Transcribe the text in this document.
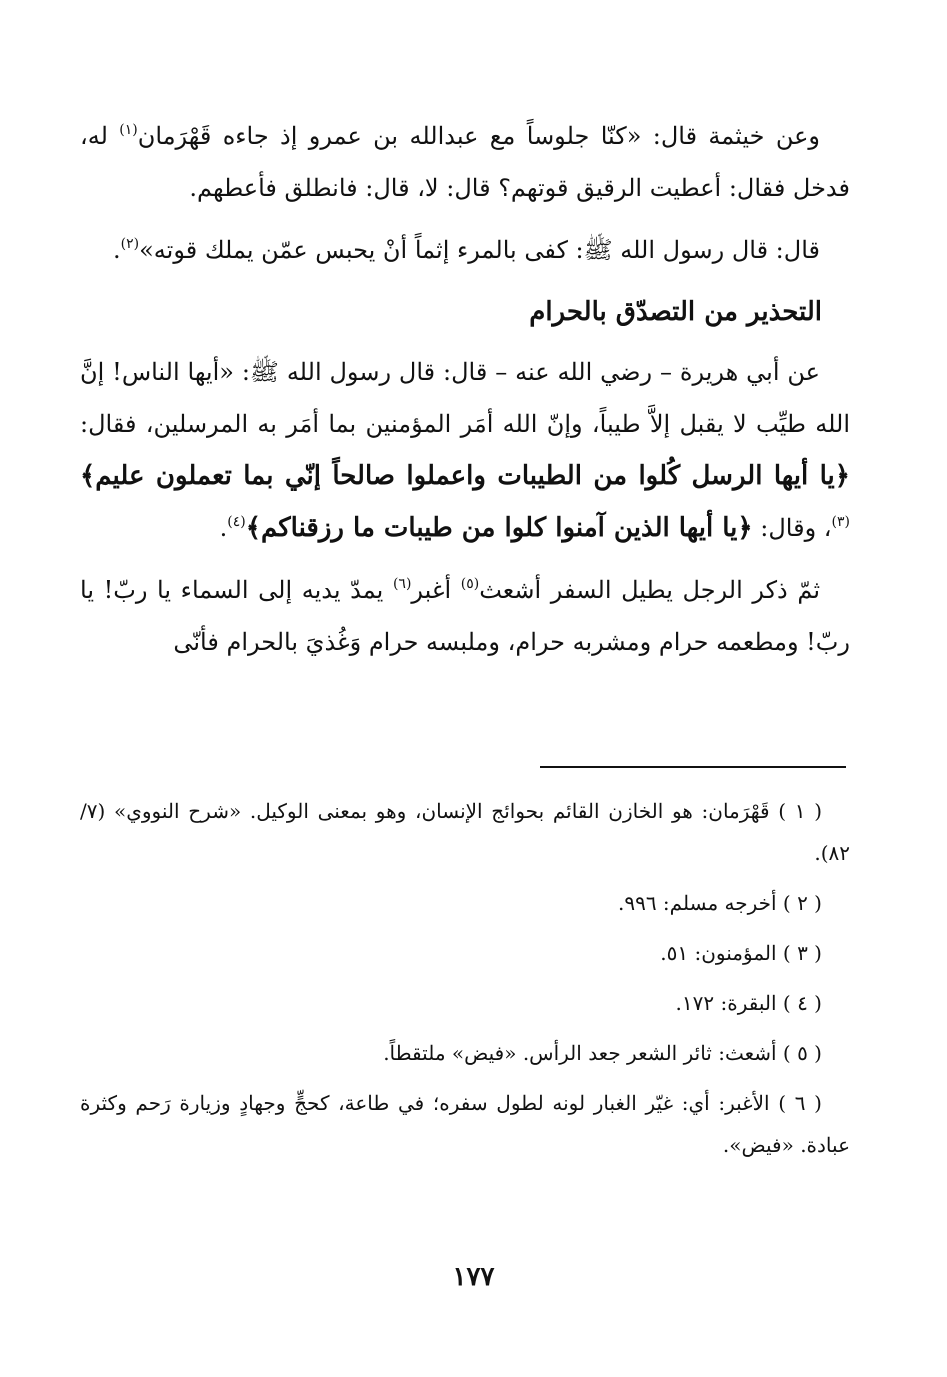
وعن خيثمة قال: «كنّا جلوساً مع عبدالله بن عمرو إذ جاءه قَهْرَمان$^{(١)}$ له، فدخل فقال: أعطيت الرقيق قوتهم؟ قال: لا، قال: فانطلق فأعطهم.

قال: قال رسول الله ﷺ: كفى بالمرء إثماً أنْ يحبس عمّن يملك قوته»$^{(٢)}$.

التحذير من التصدّق بالحرام

عن أبي هريرة – رضي الله عنه – قال: قال رسول الله ﷺ: «أيها الناس! إنَّ الله طيِّب لا يقبل إلاَّ طيباً، وإنّ الله أمَر المؤمنين بما أمَر به المرسلين، فقال: ﴿يا أيها الرسل كُلوا من الطيبات واعملوا صالحاً إنّي بما تعملون عليم﴾$^{(٣)}$، وقال: ﴿يا أيها الذين آمنوا كلوا من طيبات ما رزقناكم﴾$^{(٤)}$.

ثمّ ذكر الرجل يطيل السفر أشعث$^{(٥)}$ أغبر$^{(٦)}$ يمدّ يديه إلى السماء يا ربّ! يا ربّ! ومطعمه حرام ومشربه حرام، وملبسه حرام وَغُذيَ بالحرام فأنّى

( ١ ) قَهْرَمان: هو الخازن القائم بحوائج الإنسان، وهو بمعنى الوكيل. «شرح النووي» (٧/ ٨٢).

( ٢ ) أخرجه مسلم: ٩٩٦.

( ٣ ) المؤمنون: ٥١.

( ٤ ) البقرة: ١٧٢.

( ٥ ) أشعث: ثائر الشعر جعد الرأس. «فيض» ملتقطاً.

( ٦ ) الأغبر: أي: غيّر الغبار لونه لطول سفره؛ في طاعة، كحجٍّ وجهادٍ وزيارة رَحم وكثرة عبادة. «فيض».

١٧٧
